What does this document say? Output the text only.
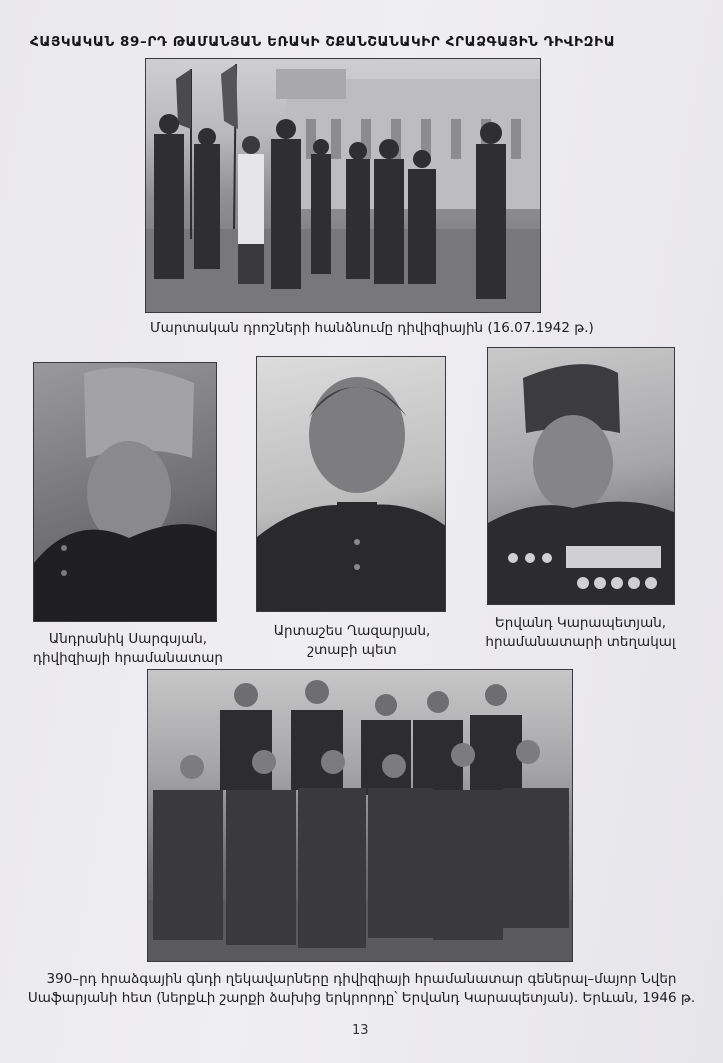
ՀԱՅԿԱԿԱՆ 89–ՐԴ ԹԱՄԱՆՅԱՆ ԵՌԱԿԻ ՇՔԱՆՇԱՆԱԿԻՐ ՀՐԱՁԳԱՅԻՆ ԴԻՎԻԶԻԱ
Մարտական դրոշների հանձնումը դիվիզիային (16.07.1942 թ.)
Անդրանիկ Սարգսյան,
դիվիզիայի հրամանատար
Արտաշես Ղազարյան,
շտաբի պետ
Երվանդ Կարապետյան,
հրամանատարի տեղակալ
390–րդ հրաձգային գնդի ղեկավարները դիվիզիայի հրամանատար գեներալ–մայոր Նվեր
Սաֆարյանի հետ (ներքևի շարքի ձախից երկրորդը՝ Երվանդ Կարապետյան). Երևան, 1946 թ.
13
